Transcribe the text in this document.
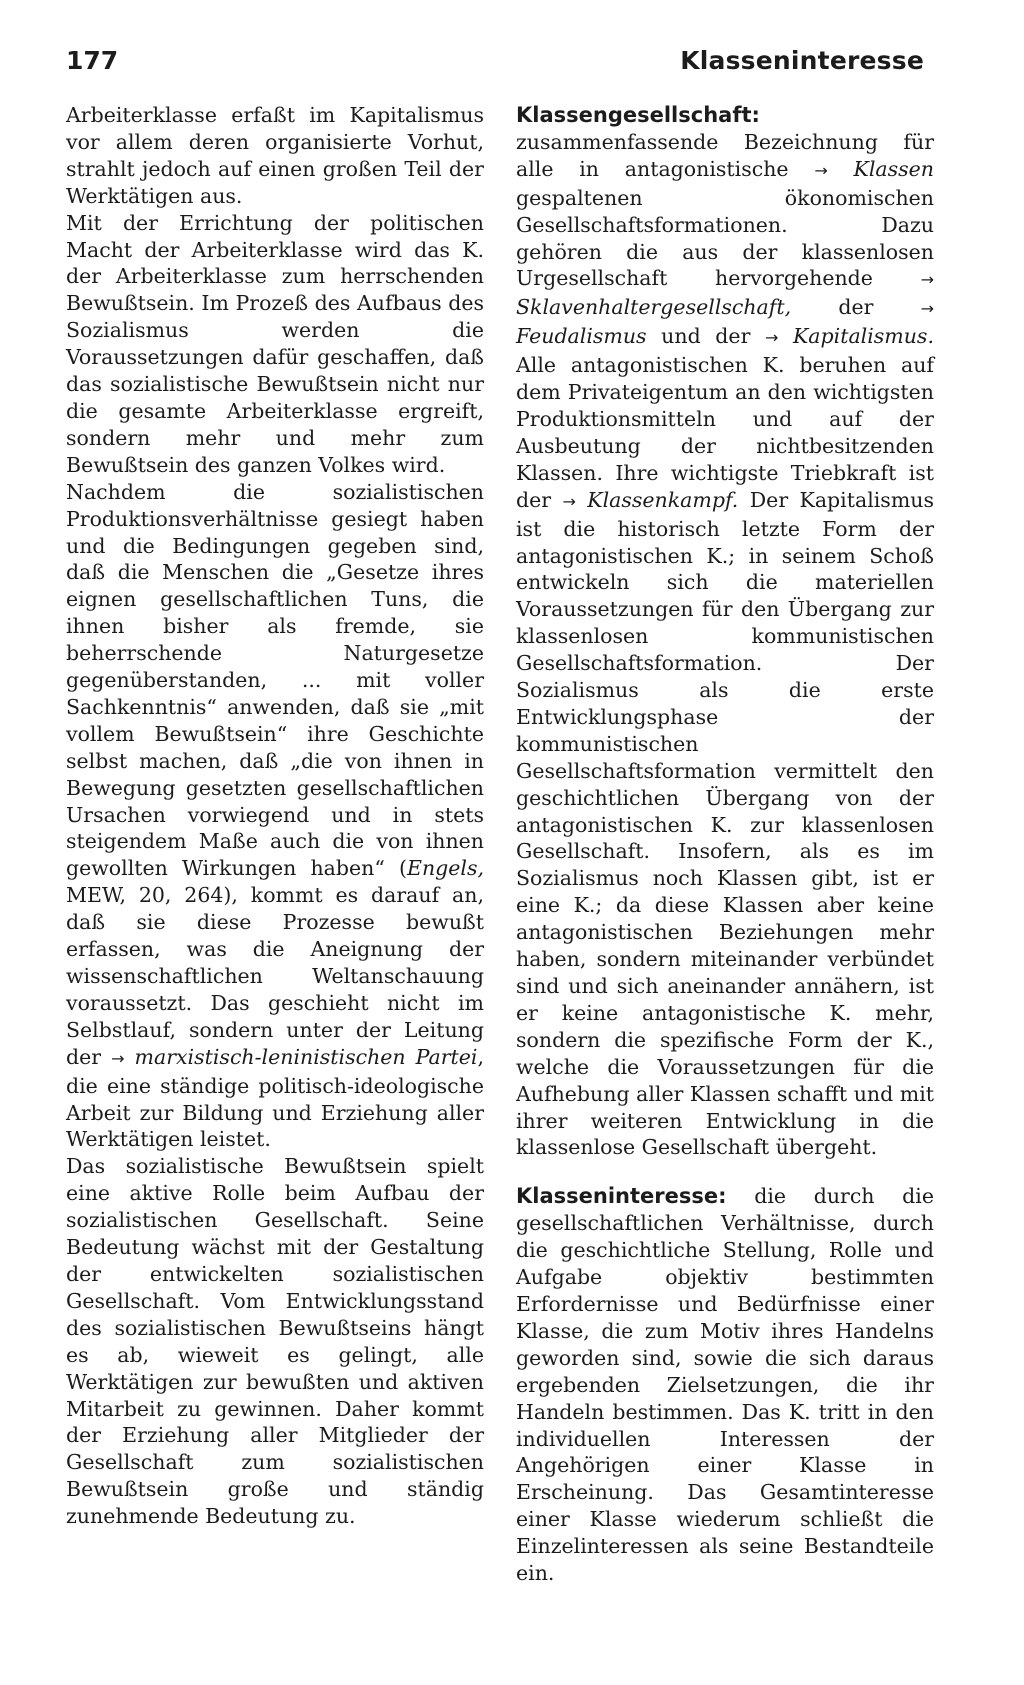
177	Klasseninteresse

Arbeiterklasse erfaßt im Kapitalismus vor allem deren organisierte Vorhut, strahlt jedoch auf einen großen Teil der Werktätigen aus.

Mit der Errichtung der politischen Macht der Arbeiterklasse wird das K. der Arbeiterklasse zum herrschenden Bewußtsein. Im Prozeß des Aufbaus des Sozialismus werden die Voraussetzungen dafür geschaffen, daß das sozialistische Bewußtsein nicht nur die gesamte Arbeiterklasse ergreift, sondern mehr und mehr zum Bewußtsein des ganzen Volkes wird.

Nachdem die sozialistischen Produktionsverhältnisse gesiegt haben und die Bedingungen gegeben sind, daß die Menschen die „Gesetze ihres eignen gesellschaftlichen Tuns, die ihnen bisher als fremde, sie beherrschende Naturgesetze gegenüberstanden, ... mit voller Sachkenntnis“ anwenden, daß sie „mit vollem Bewußtsein“ ihre Geschichte selbst machen, daß „die von ihnen in Bewegung gesetzten gesellschaftlichen Ursachen vorwiegend und in stets steigendem Maße auch die von ihnen gewollten Wirkungen haben“ (Engels, MEW, 20, 264), kommt es darauf an, daß sie diese Prozesse bewußt erfassen, was die Aneignung der wissenschaftlichen Weltanschauung voraussetzt. Das geschieht nicht im Selbstlauf, sondern unter der Leitung der → marxistisch-leninistischen Partei, die eine ständige politisch-ideologische Arbeit zur Bildung und Erziehung aller Werktätigen leistet.

Das sozialistische Bewußtsein spielt eine aktive Rolle beim Aufbau der sozialistischen Gesellschaft. Seine Bedeutung wächst mit der Gestaltung der entwickelten sozialistischen Gesellschaft. Vom Entwicklungsstand des sozialistischen Bewußtseins hängt es ab, wieweit es gelingt, alle Werktätigen zur bewußten und aktiven Mitarbeit zu gewinnen. Daher kommt der Erziehung aller Mitglieder der Gesellschaft zum sozialistischen Bewußtsein große und ständig zunehmende Bedeutung zu.

Klassengesellschaft: zusammenfassende Bezeichnung für alle in antagonistische → Klassen gespaltenen ökonomischen Gesellschaftsformationen. Dazu gehören die aus der klassenlosen Urgesellschaft hervorgehende → Sklavenhaltergesellschaft, der → Feudalismus und der → Kapitalismus. Alle antagonistischen K. beruhen auf dem Privateigentum an den wichtigsten Produktionsmitteln und auf der Ausbeutung der nichtbesitzenden Klassen. Ihre wichtigste Triebkraft ist der → Klassenkampf. Der Kapitalismus ist die historisch letzte Form der antagonistischen K.; in seinem Schoß entwickeln sich die materiellen Voraussetzungen für den Übergang zur klassenlosen kommunistischen Gesellschaftsformation. Der Sozialismus als die erste Entwicklungsphase der kommunistischen Gesellschaftsformation vermittelt den geschichtlichen Übergang von der antagonistischen K. zur klassenlosen Gesellschaft. Insofern, als es im Sozialismus noch Klassen gibt, ist er eine K.; da diese Klassen aber keine antagonistischen Beziehungen mehr haben, sondern miteinander verbündet sind und sich aneinander annähern, ist er keine antagonistische K. mehr, sondern die spezifische Form der K., welche die Voraussetzungen für die Aufhebung aller Klassen schafft und mit ihrer weiteren Entwicklung in die klassenlose Gesellschaft übergeht.

Klasseninteresse: die durch die gesellschaftlichen Verhältnisse, durch die geschichtliche Stellung, Rolle und Aufgabe objektiv bestimmten Erfordernisse und Bedürfnisse einer Klasse, die zum Motiv ihres Handelns geworden sind, sowie die sich daraus ergebenden Zielsetzungen, die ihr Handeln bestimmen. Das K. tritt in den individuellen Interessen der Angehörigen einer Klasse in Erscheinung. Das Gesamtinteresse einer Klasse wiederum schließt die Einzelinteressen als seine Bestandteile ein.
